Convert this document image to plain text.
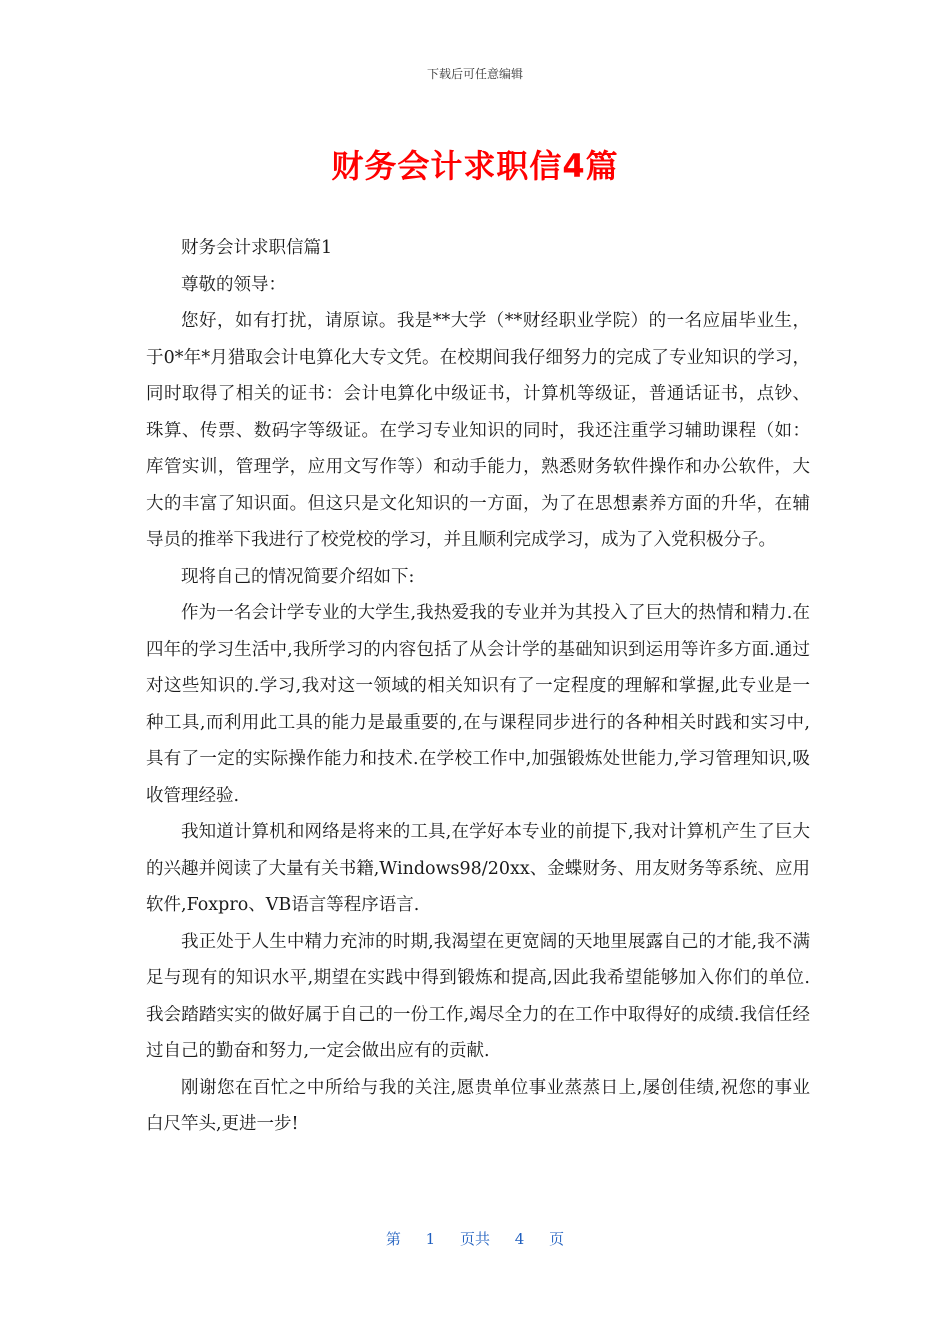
下载后可任意编辑
财务会计求职信4篇

财务会计求职信篇1

尊敬的领导：

您好，如有打扰，请原谅。我是**大学（**财经职业学院）的一名应届毕业生，于0*年*月猎取会计电算化大专文凭。在校期间我仔细努力的完成了专业知识的学习，同时取得了相关的证书：会计电算化中级证书，计算机等级证，普通话证书，点钞、珠算、传票、数码字等级证。在学习专业知识的同时，我还注重学习辅助课程（如：库管实训，管理学，应用文写作等）和动手能力，熟悉财务软件操作和办公软件，大大的丰富了知识面。但这只是文化知识的一方面，为了在思想素养方面的升华，在辅导员的推举下我进行了校党校的学习，并且顺利完成学习，成为了入党积极分子。

现将自己的情况简要介绍如下:

作为一名会计学专业的大学生,我热爱我的专业并为其投入了巨大的热情和精力.在四年的学习生活中,我所学习的内容包括了从会计学的基础知识到运用等许多方面.通过对这些知识的.学习,我对这一领域的相关知识有了一定程度的理解和掌握,此专业是一种工具,而利用此工具的能力是最重要的,在与课程同步进行的各种相关时践和实习中,具有了一定的实际操作能力和技术.在学校工作中,加强锻炼处世能力,学习管理知识,吸收管理经验.

我知道计算机和网络是将来的工具,在学好本专业的前提下,我对计算机产生了巨大的兴趣并阅读了大量有关书籍,Windows98/20xx、金蝶财务、用友财务等系统、应用软件,Foxpro、VB语言等程序语言.

我正处于人生中精力充沛的时期,我渴望在更宽阔的天地里展露自己的才能,我不满足与现有的知识水平,期望在实践中得到锻炼和提高,因此我希望能够加入你们的单位.我会踏踏实实的做好属于自己的一份工作,竭尽全力的在工作中取得好的成绩.我信任经过自己的勤奋和努力,一定会做出应有的贡献.

刚谢您在百忙之中所给与我的关注,愿贵单位事业蒸蒸日上,屡创佳绩,祝您的事业白尺竿头,更进一步!

第 1 页共 4 页
